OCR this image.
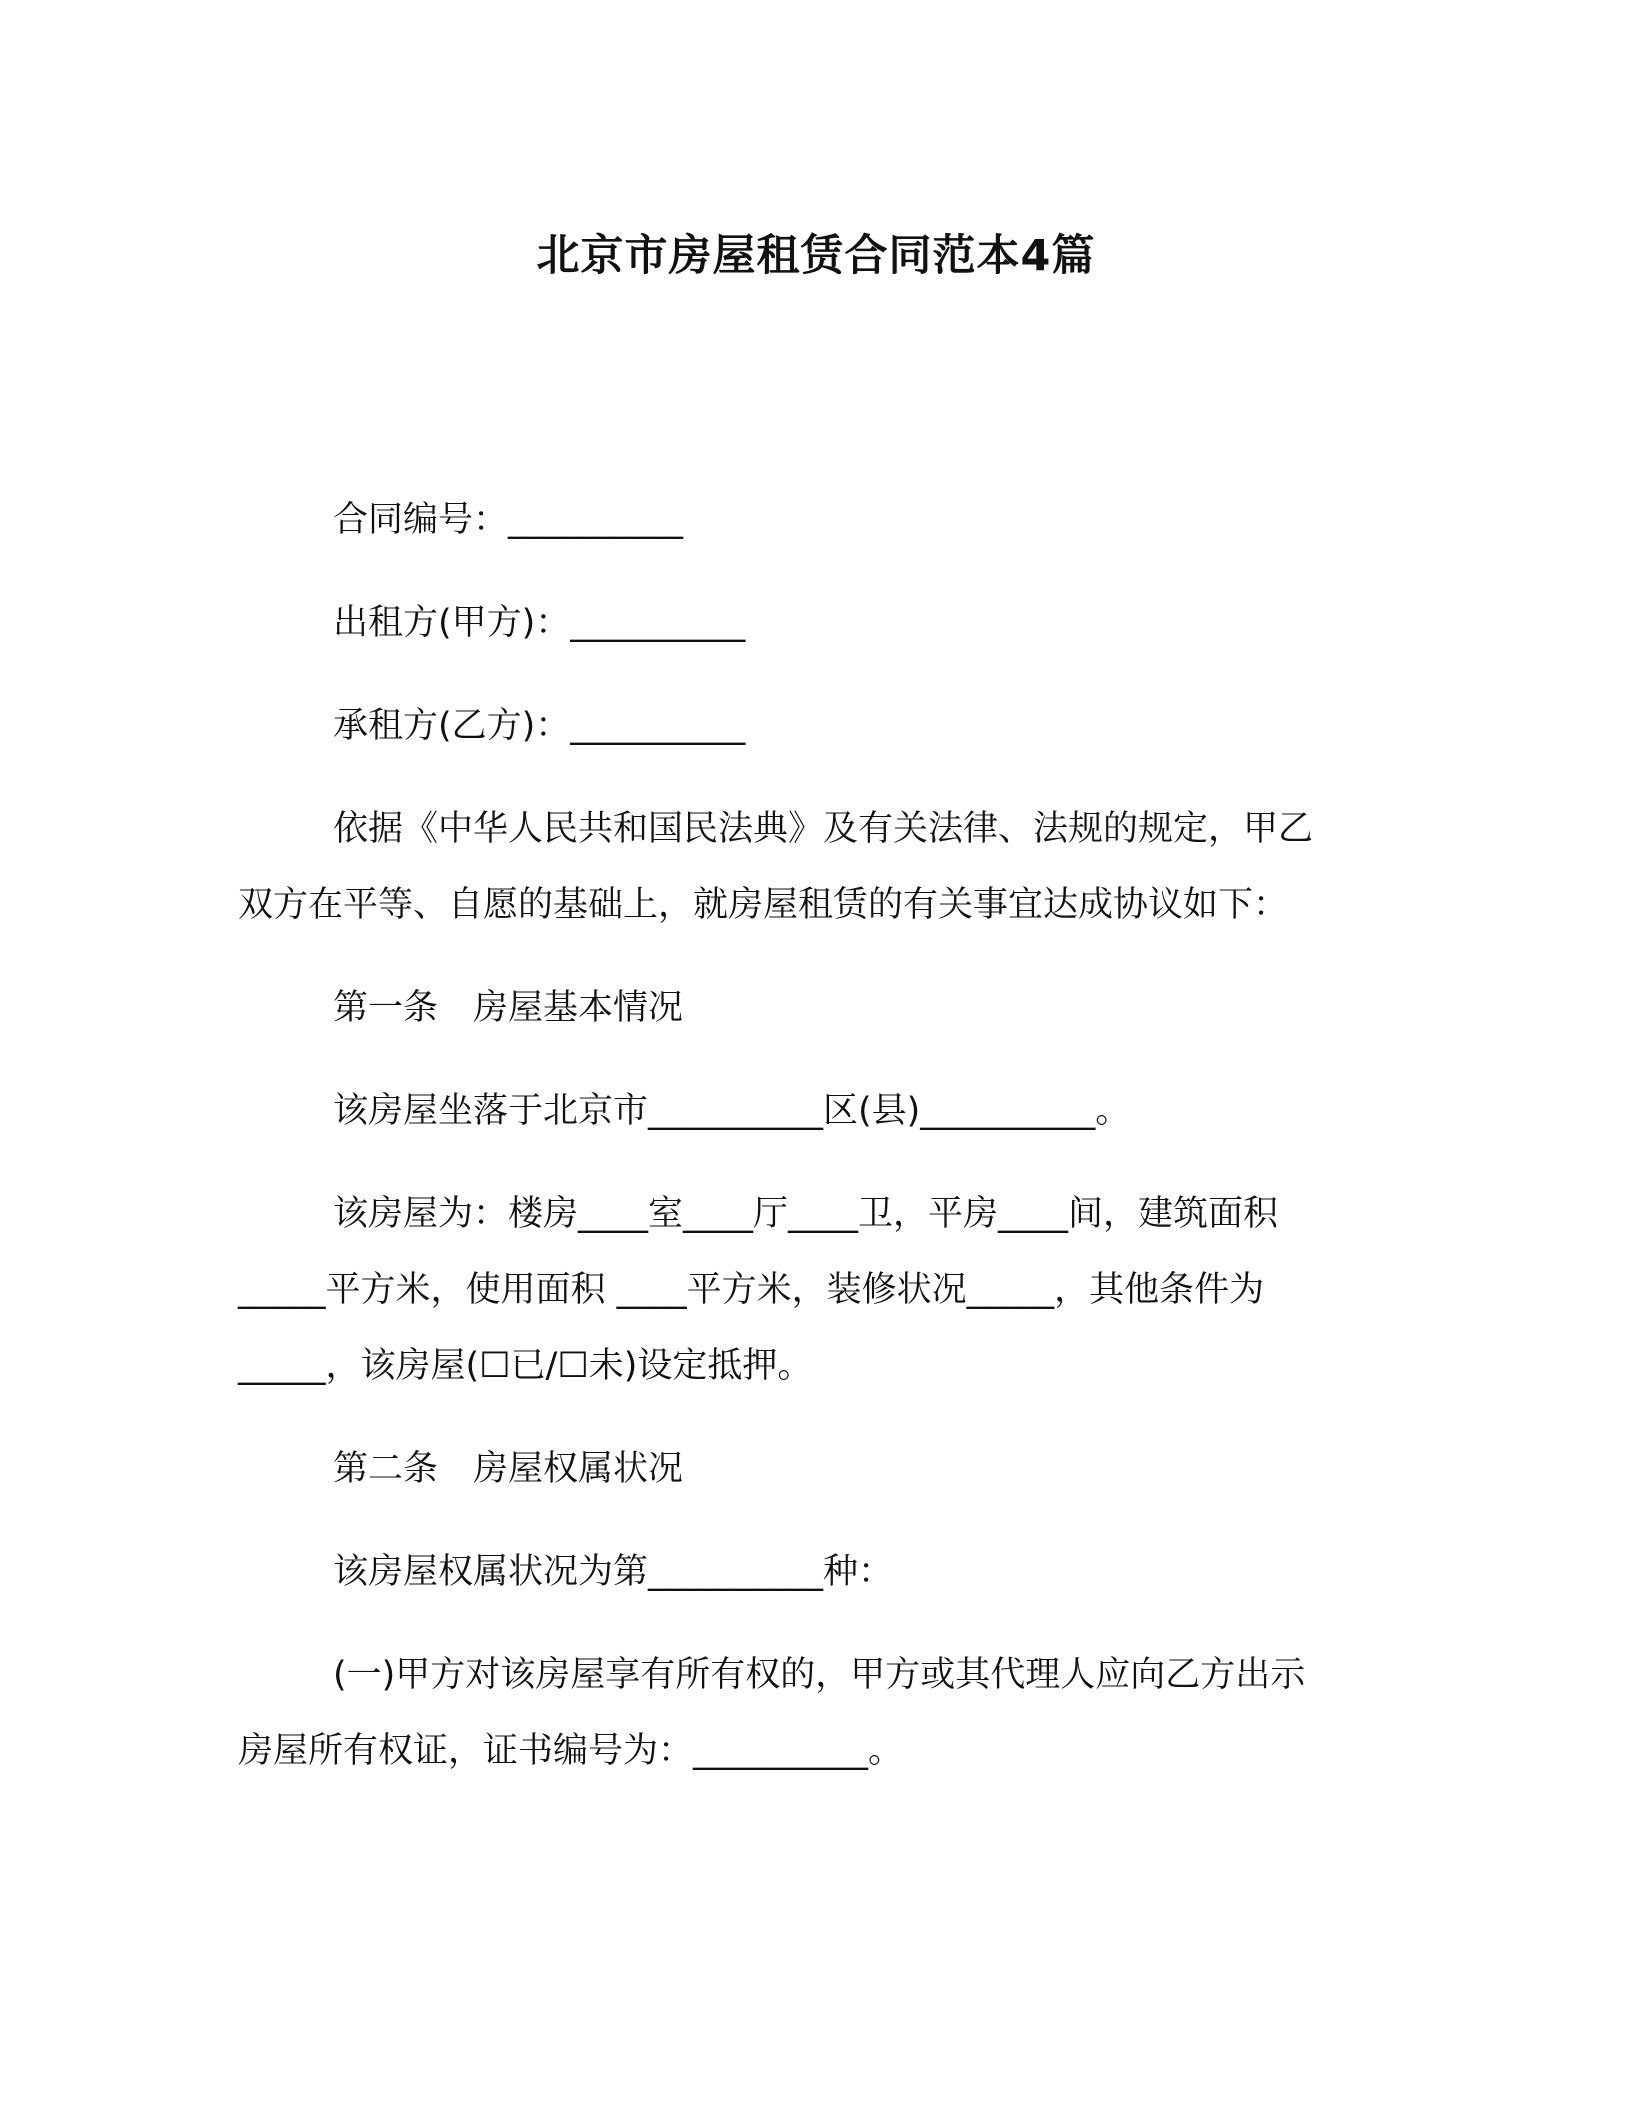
北京市房屋租赁合同范本4篇
合同编号：__________
出租方(甲方)：__________
承租方(乙方)：__________
依据《中华人民共和国民法典》及有关法律、法规的规定，甲乙
双方在平等、自愿的基础上，就房屋租赁的有关事宜达成协议如下：
第一条　房屋基本情况
该房屋坐落于北京市__________区(县)__________。
该房屋为：楼房____室____厅____卫，平房____间，建筑面积
_____平方米，使用面积 ____平方米，装修状况_____，其他条件为
_____，该房屋(☐已/☐未)设定抵押。
第二条　房屋权属状况
该房屋权属状况为第__________种：
(一)甲方对该房屋享有所有权的，甲方或其代理人应向乙方出示
房屋所有权证，证书编号为：__________。
